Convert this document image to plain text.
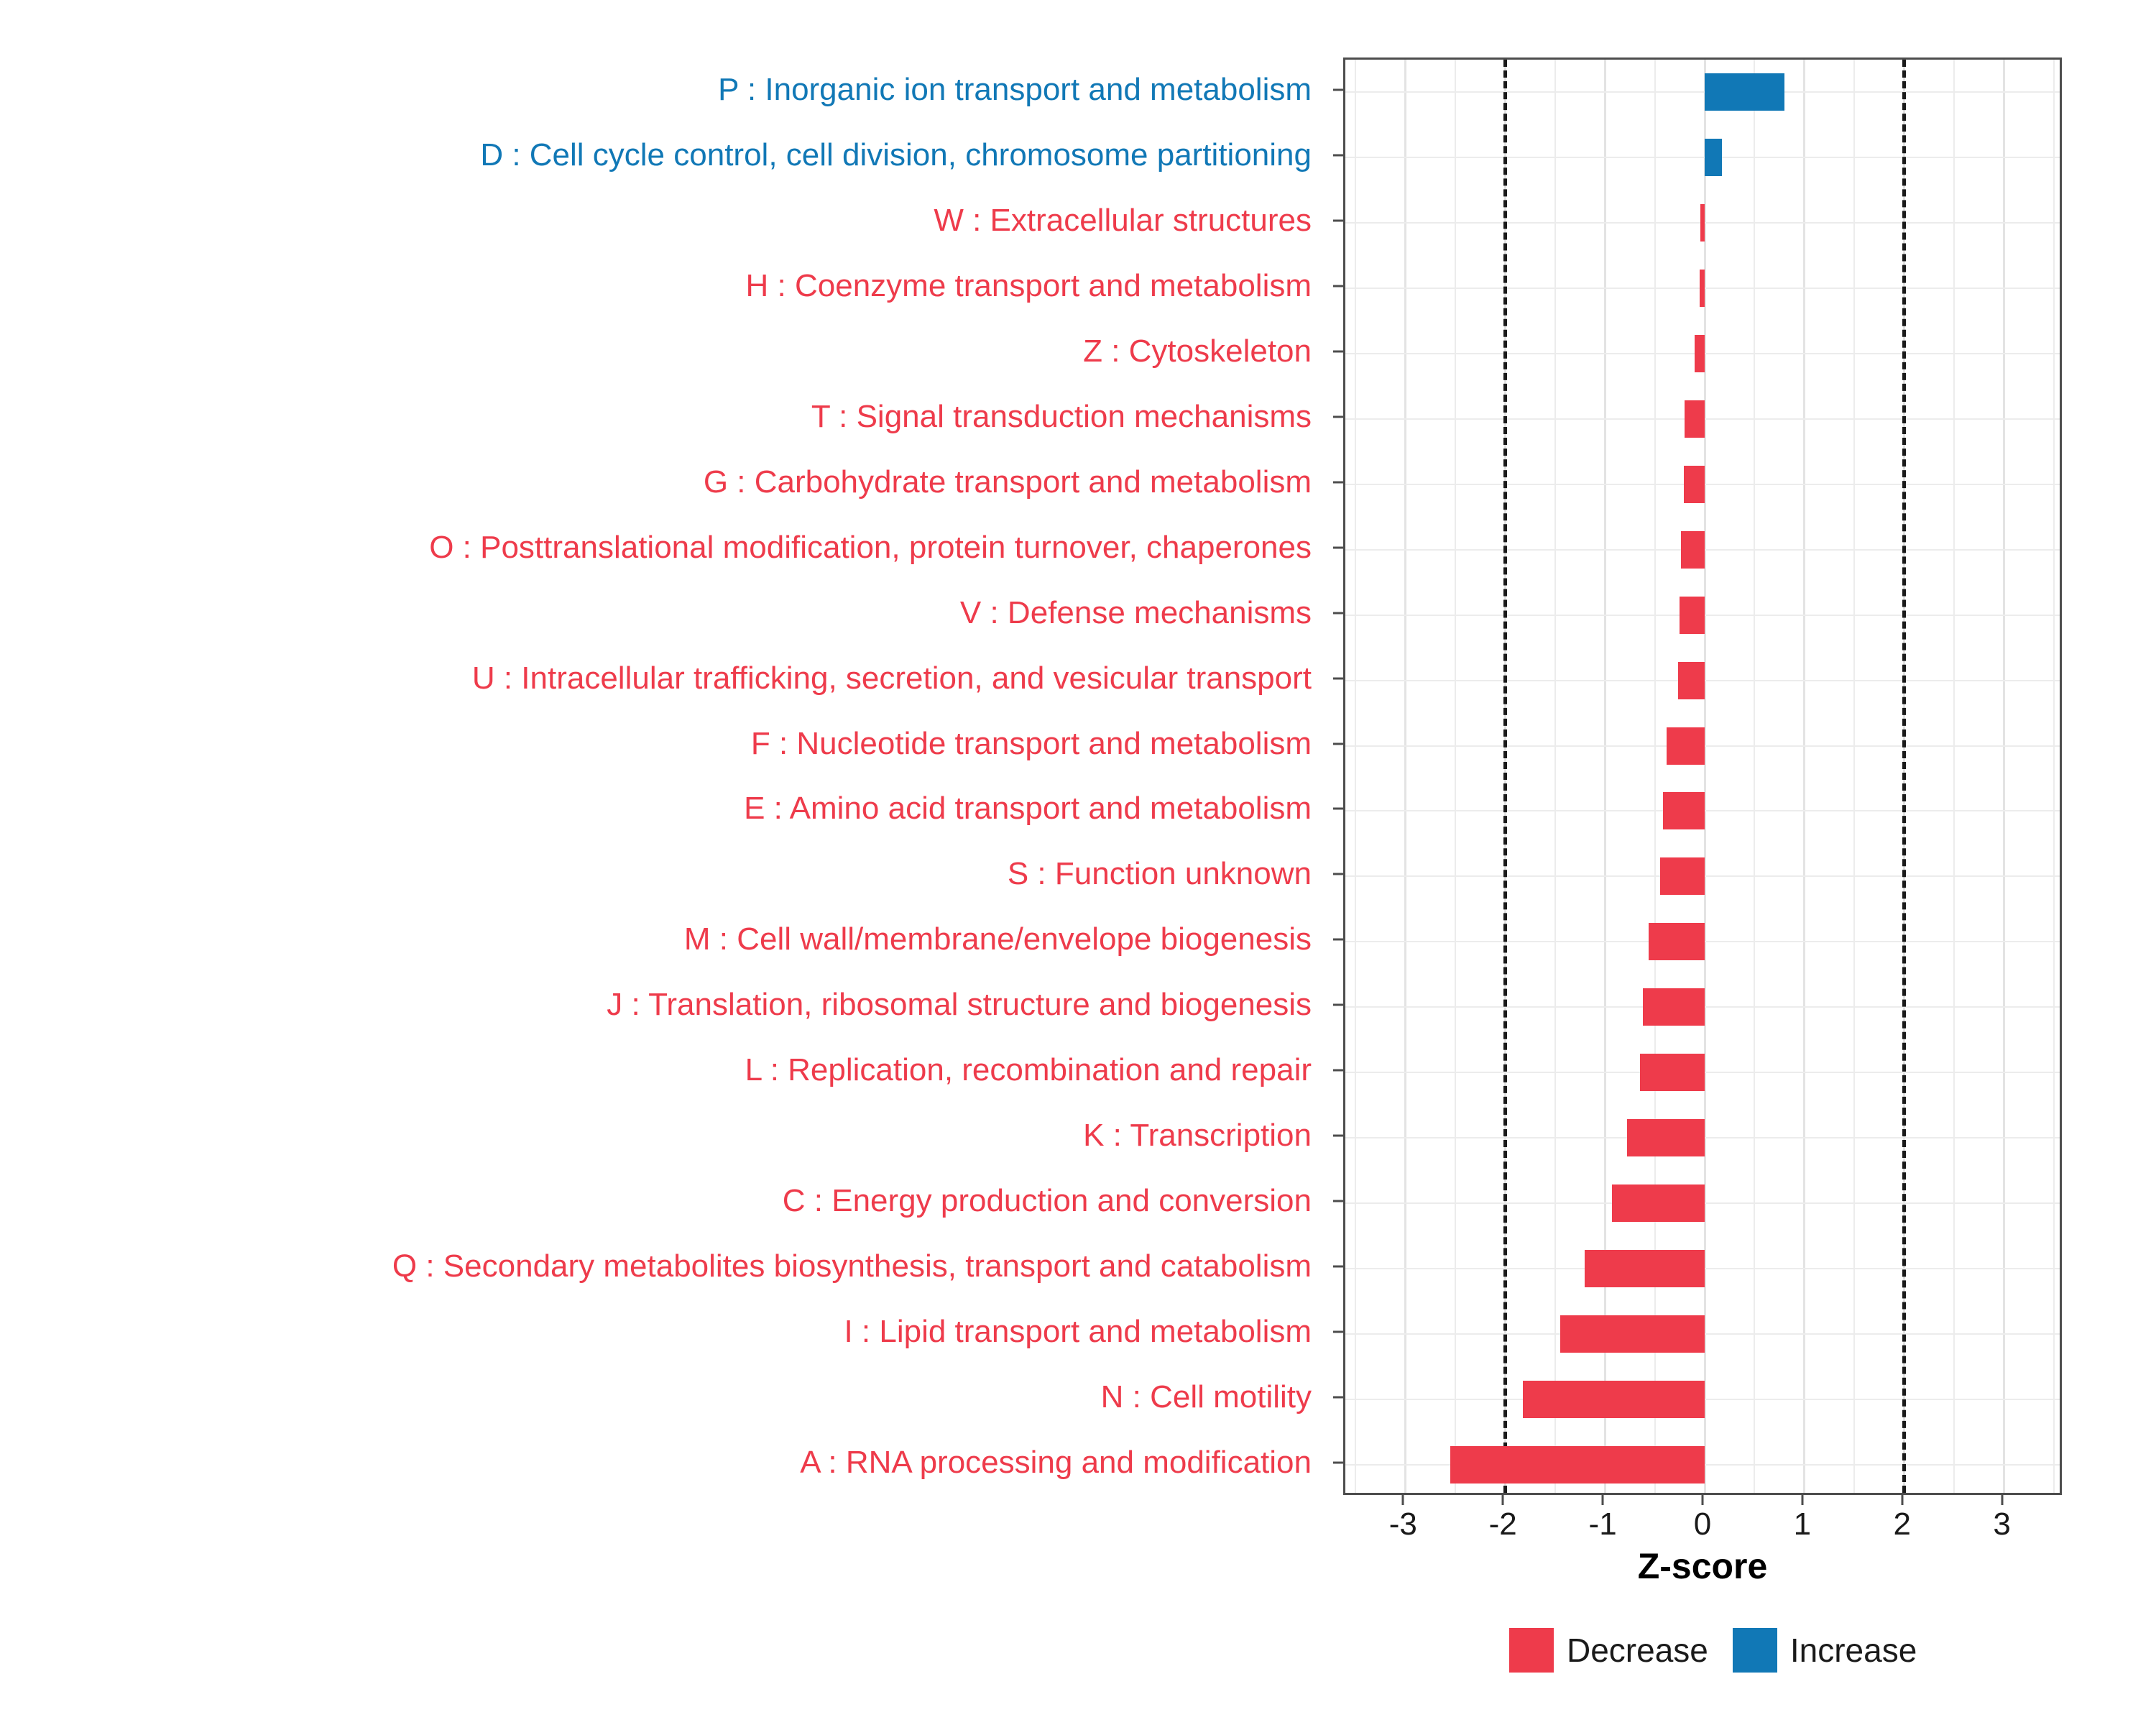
P : Inorganic ion transport and metabolism
D : Cell cycle control, cell division, chromosome partitioning
W : Extracellular structures
H : Coenzyme transport and metabolism
Z : Cytoskeleton
T : Signal transduction mechanisms
G : Carbohydrate transport and metabolism
O : Posttranslational modification, protein turnover, chaperones
V : Defense mechanisms
U : Intracellular trafficking, secretion, and vesicular transport
F : Nucleotide transport and metabolism
E : Amino acid transport and metabolism
S : Function unknown
M : Cell wall/membrane/envelope biogenesis
J : Translation, ribosomal structure and biogenesis
L : Replication, recombination and repair
K : Transcription
C : Energy production and conversion
Q : Secondary metabolites biosynthesis, transport and catabolism
I : Lipid transport and metabolism
N : Cell motility
A : RNA processing and modification
-3 -2 -1 0	1	2	3
Z-score
Decrease Increase
